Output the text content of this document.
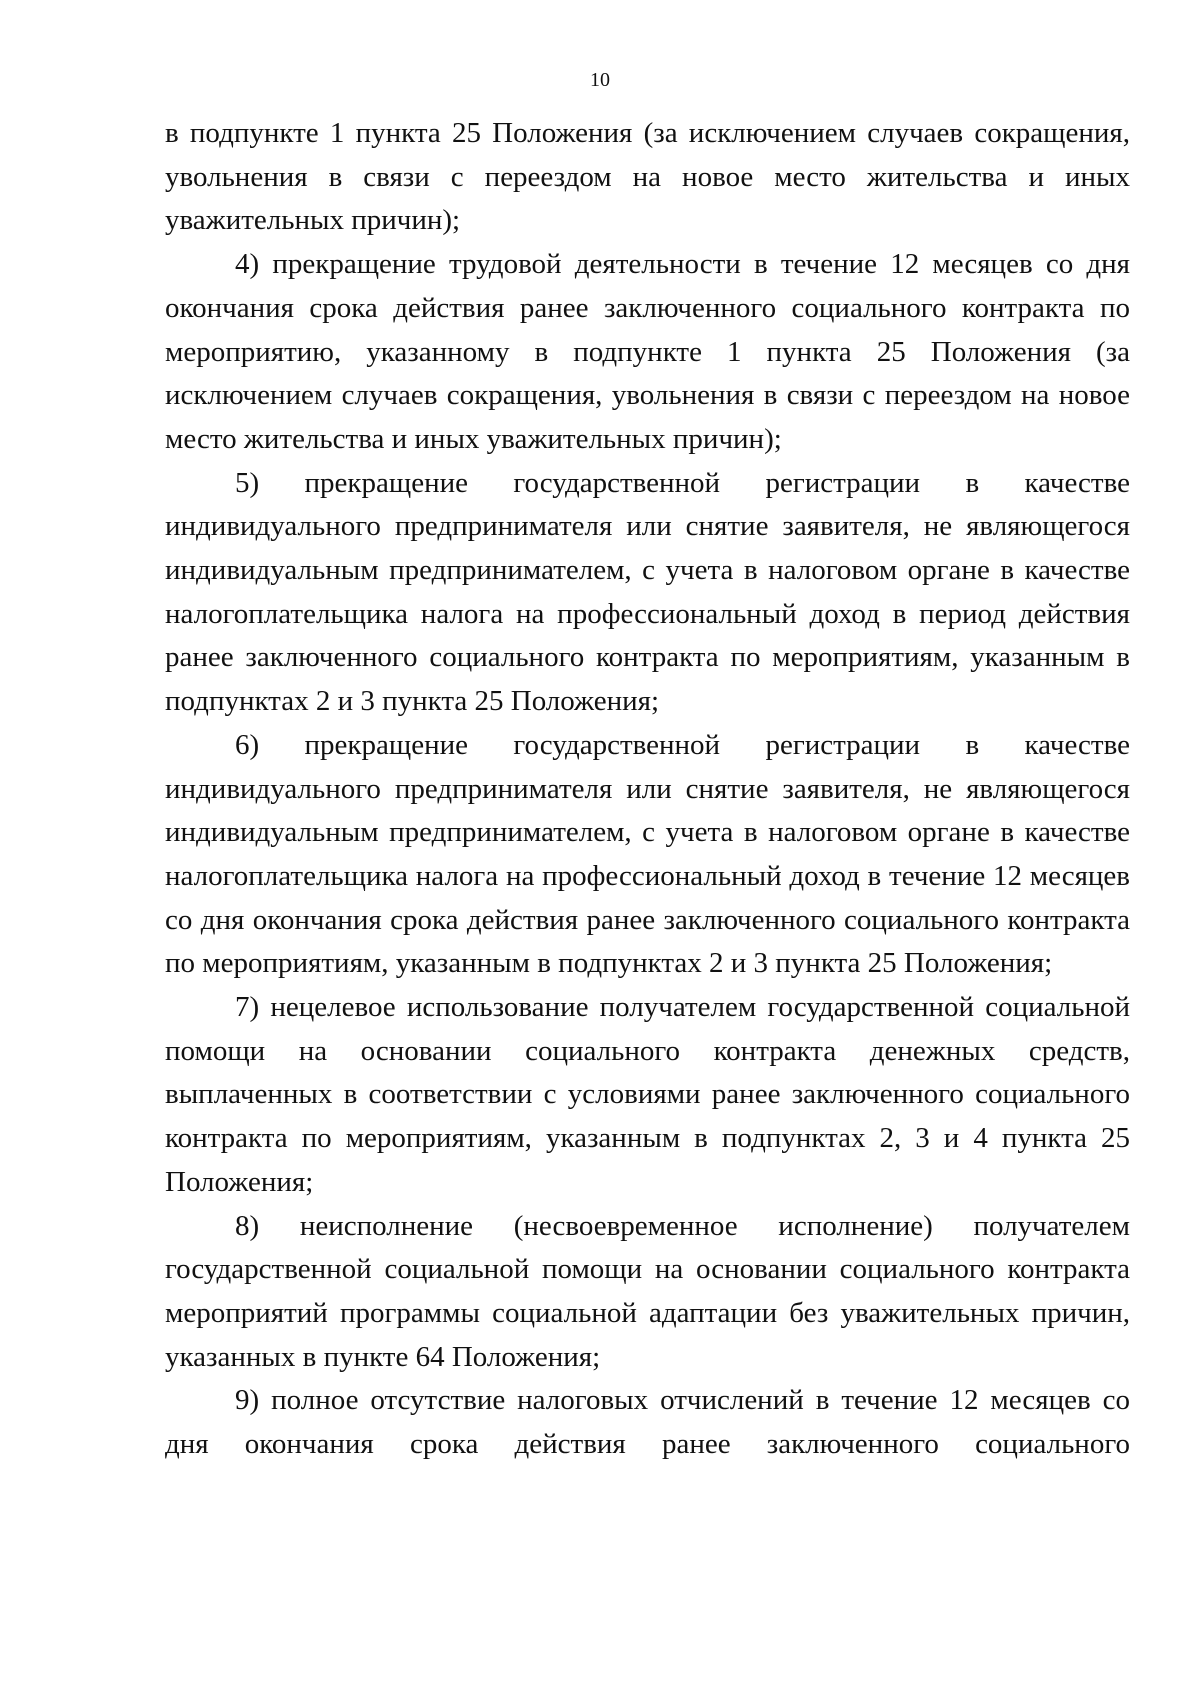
10

в подпункте 1 пункта 25 Положения (за исключением случаев сокращения, увольнения в связи с переездом на новое место жительства и иных уважительных причин);

4) прекращение трудовой деятельности в течение 12 месяцев со дня окончания срока действия ранее заключенного социального контракта по мероприятию, указанному в подпункте 1 пункта 25 Положения (за исключением случаев сокращения, увольнения в связи с переездом на новое место жительства и иных уважительных причин);

5) прекращение государственной регистрации в качестве индивидуального предпринимателя или снятие заявителя, не являющегося индивидуальным предпринимателем, с учета в налоговом органе в качестве налогоплательщика налога на профессиональный доход в период действия ранее заключенного социального контракта по мероприятиям, указанным в подпунктах 2 и 3 пункта 25 Положения;

6) прекращение государственной регистрации в качестве индивидуального предпринимателя или снятие заявителя, не являющегося индивидуальным предпринимателем, с учета в налоговом органе в качестве налогоплательщика налога на профессиональный доход в течение 12 месяцев со дня окончания срока действия ранее заключенного социального контракта по мероприятиям, указанным в подпунктах 2 и 3 пункта 25 Положения;

7) нецелевое использование получателем государственной социальной помощи на основании социального контракта денежных средств, выплаченных в соответствии с условиями ранее заключенного социального контракта по мероприятиям, указанным в подпунктах 2, 3 и 4 пункта 25 Положения;

8) неисполнение (несвоевременное исполнение) получателем государственной социальной помощи на основании социального контракта мероприятий программы социальной адаптации без уважительных причин, указанных в пункте 64 Положения;

9) полное отсутствие налоговых отчислений в течение 12 месяцев со дня окончания срока действия ранее заключенного социального
